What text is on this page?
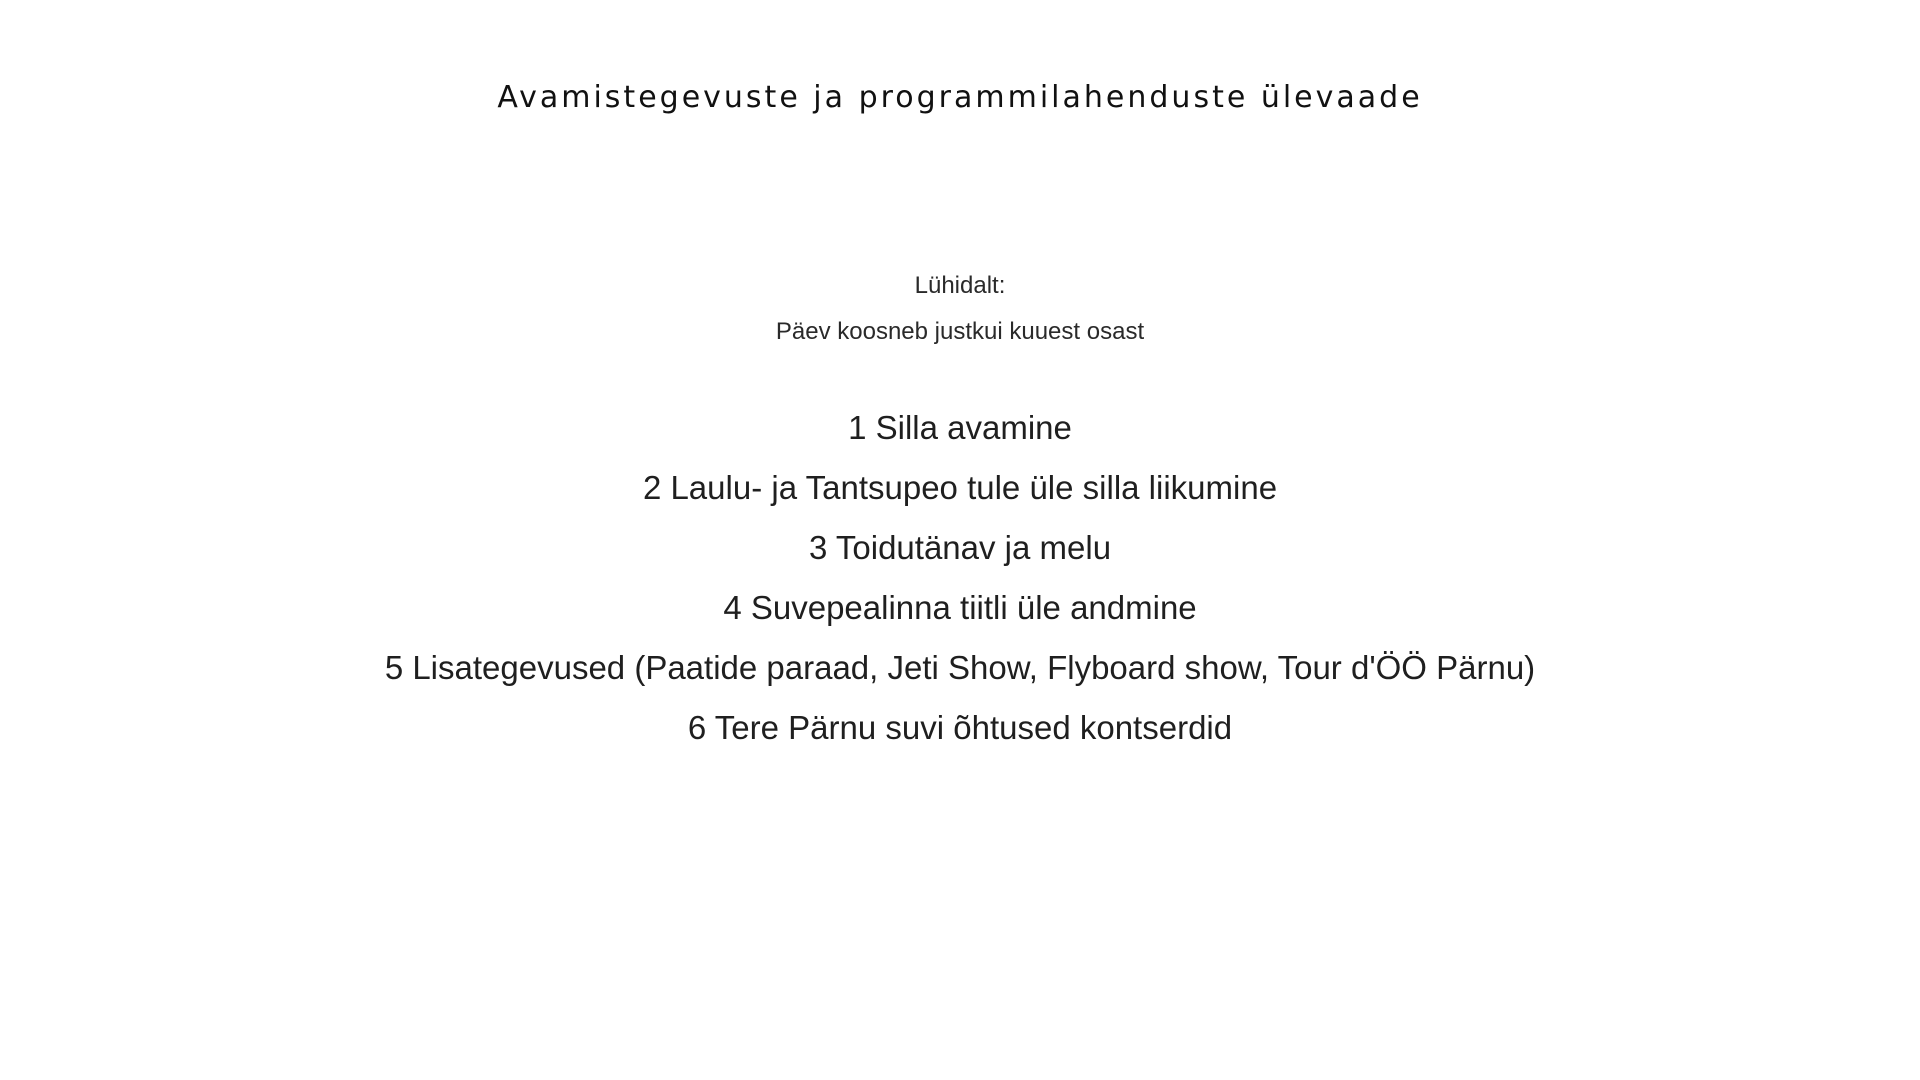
Avamistegevuste ja programmilahenduste ülevaade

Lühidalt:

Päev koosneb justkui kuuest osast

1 Silla avamine
2 Laulu- ja Tantsupeo tule üle silla liikumine
3 Toidutänav ja melu
4 Suvepealinna tiitli üle andmine
5 Lisategevused (Paatide paraad, Jeti Show, Flyboard show, Tour d'ÖÖ Pärnu)
6 Tere Pärnu suvi õhtused kontserdid
